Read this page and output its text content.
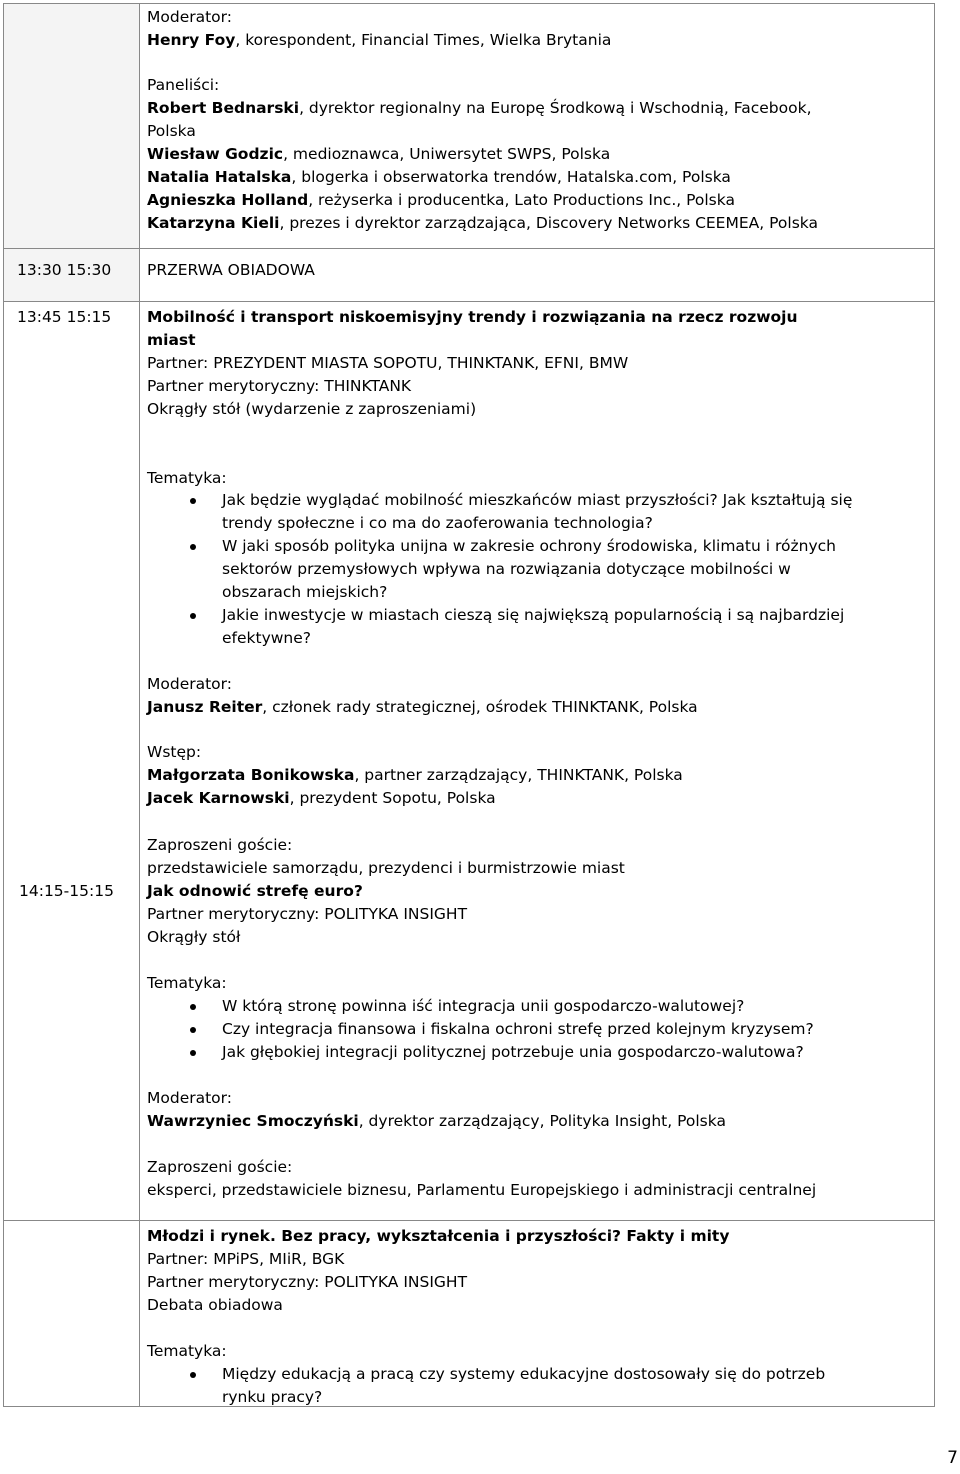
Moderator:
Henry Foy, korespondent, Financial Times, Wielka Brytania
Paneliści:
Robert Bednarski, dyrektor regionalny na Europę Środkową i Wschodnią, Facebook,
Polska
Wiesław Godzic, medioznawca, Uniwersytet SWPS, Polska
Natalia Hatalska, blogerka i obserwatorka trendów, Hatalska.com, Polska
Agnieszka Holland, reżyserka i producentka, Lato Productions Inc., Polska
Katarzyna Kieli, prezes i dyrektor zarządzająca, Discovery Networks CEEMEA, Polska
13:30 15:30 PRZERWA OBIADOWA
13:45 15:15 Mobilność i transport niskoemisyjny trendy i rozwiązania na rzecz rozwoju
miast
Partner: PREZYDENT MIASTA SOPOTU, THINKTANK, EFNI, BMW
Partner merytoryczny: THINKTANK
Okrągły stół (wydarzenie z zaproszeniami)
Tematyka:
Jak będzie wyglądać mobilność mieszkańców miast przyszłości? Jak kształtują się
trendy społeczne i co ma do zaoferowania technologia?
W jaki sposób polityka unijna w zakresie ochrony środowiska, klimatu i różnych
sektorów przemysłowych wpływa na rozwiązania dotyczące mobilności w
obszarach miejskich?
Jakie inwestycje w miastach cieszą się największą popularnością i są najbardziej
efektywne?
Moderator:
Janusz Reiter, członek rady strategicznej, ośrodek THINKTANK, Polska
Wstęp:
Małgorzata Bonikowska, partner zarządzający, THINKTANK, Polska
Jacek Karnowski, prezydent Sopotu, Polska
Zaproszeni goście:
przedstawiciele samorządu, prezydenci i burmistrzowie miast
14:15-15:15 Jak odnowić strefę euro?
Partner merytoryczny: POLITYKA INSIGHT
Okrągły stół
Tematyka:
W którą stronę powinna iść integracja unii gospodarczo-walutowej?
Czy integracja finansowa i fiskalna ochroni strefę przed kolejnym kryzysem?
Jak głębokiej integracji politycznej potrzebuje unia gospodarczo-walutowa?
Moderator:
Wawrzyniec Smoczyński, dyrektor zarządzający, Polityka Insight, Polska
Zaproszeni goście:
eksperci, przedstawiciele biznesu, Parlamentu Europejskiego i administracji centralnej
Młodzi i rynek. Bez pracy, wykształcenia i przyszłości? Fakty i mity
Partner: MPiPS, MIiR, BGK
Partner merytoryczny: POLITYKA INSIGHT
Debata obiadowa
Tematyka:
Między edukacją a pracą czy systemy edukacyjne dostosowały się do potrzeb
rynku pracy?
7
